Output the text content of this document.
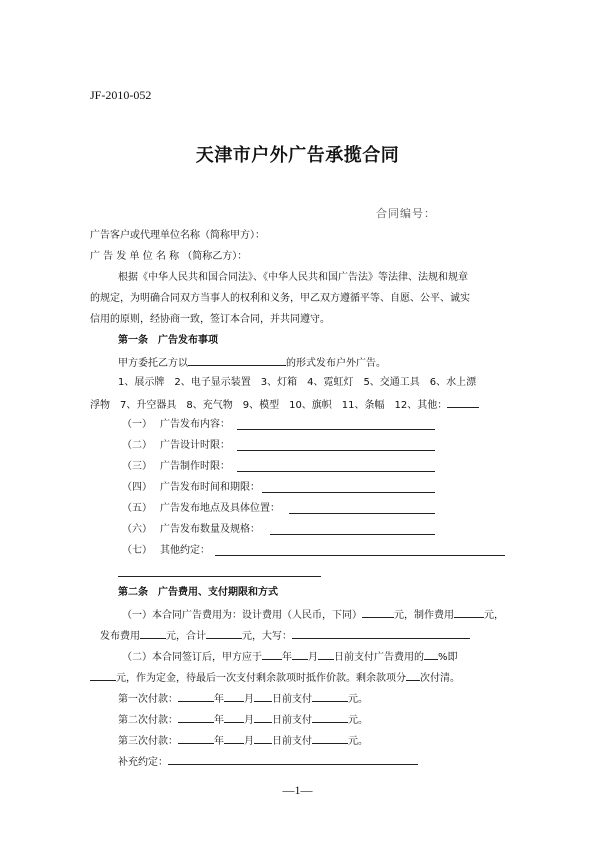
JF-2010-052
天津市户外广告承揽合同
合同编号：
广告客户或代理单位名称（简称甲方）：
广 告 发 单 位 名 称 （简称乙方）：
根据《中华人民共和国合同法》、《中华人民共和国广告法》等法律、法规和规章
的规定，为明确合同双方当事人的权利和义务，甲乙双方遵循平等、自愿、公平、诚实
信用的原则，经协商一致，签订本合同，并共同遵守。
第一条　广告发布事项
甲方委托乙方以	的形式发布户外广告。
1、展示牌　2、电子显示装置　3、灯箱　4、霓虹灯　5、交通工具　6、水上漂
浮物　7、升空器具　8、充气物　9、模型　10、旗帜　11、条幅　12、其他：
（一） 广告发布内容：
（二） 广告设计时限：
（三） 广告制作时限：
（四） 广告发布时间和期限：
（五） 广告发布地点及具体位置：
（六） 广告发布数量及规格：
（七） 其他约定：
第二条　广告费用、支付期限和方式
（一）本合同广告费用为：设计费用（人民币，下同）	元，制作费用	元，
发布费用	元，合计	元，大写：
（二）本合同签订后，甲方应于 年 月 日前支付广告费用的 %即
元，作为定金，待最后一次支付剩余款项时抵作价款。剩余款项分 次付清。
第一次付款：	年 月 日前支付	元。
第二次付款：	年 月 日前支付	元。
第三次付款：	年 月 日前支付	元。
补充约定：
—1—
